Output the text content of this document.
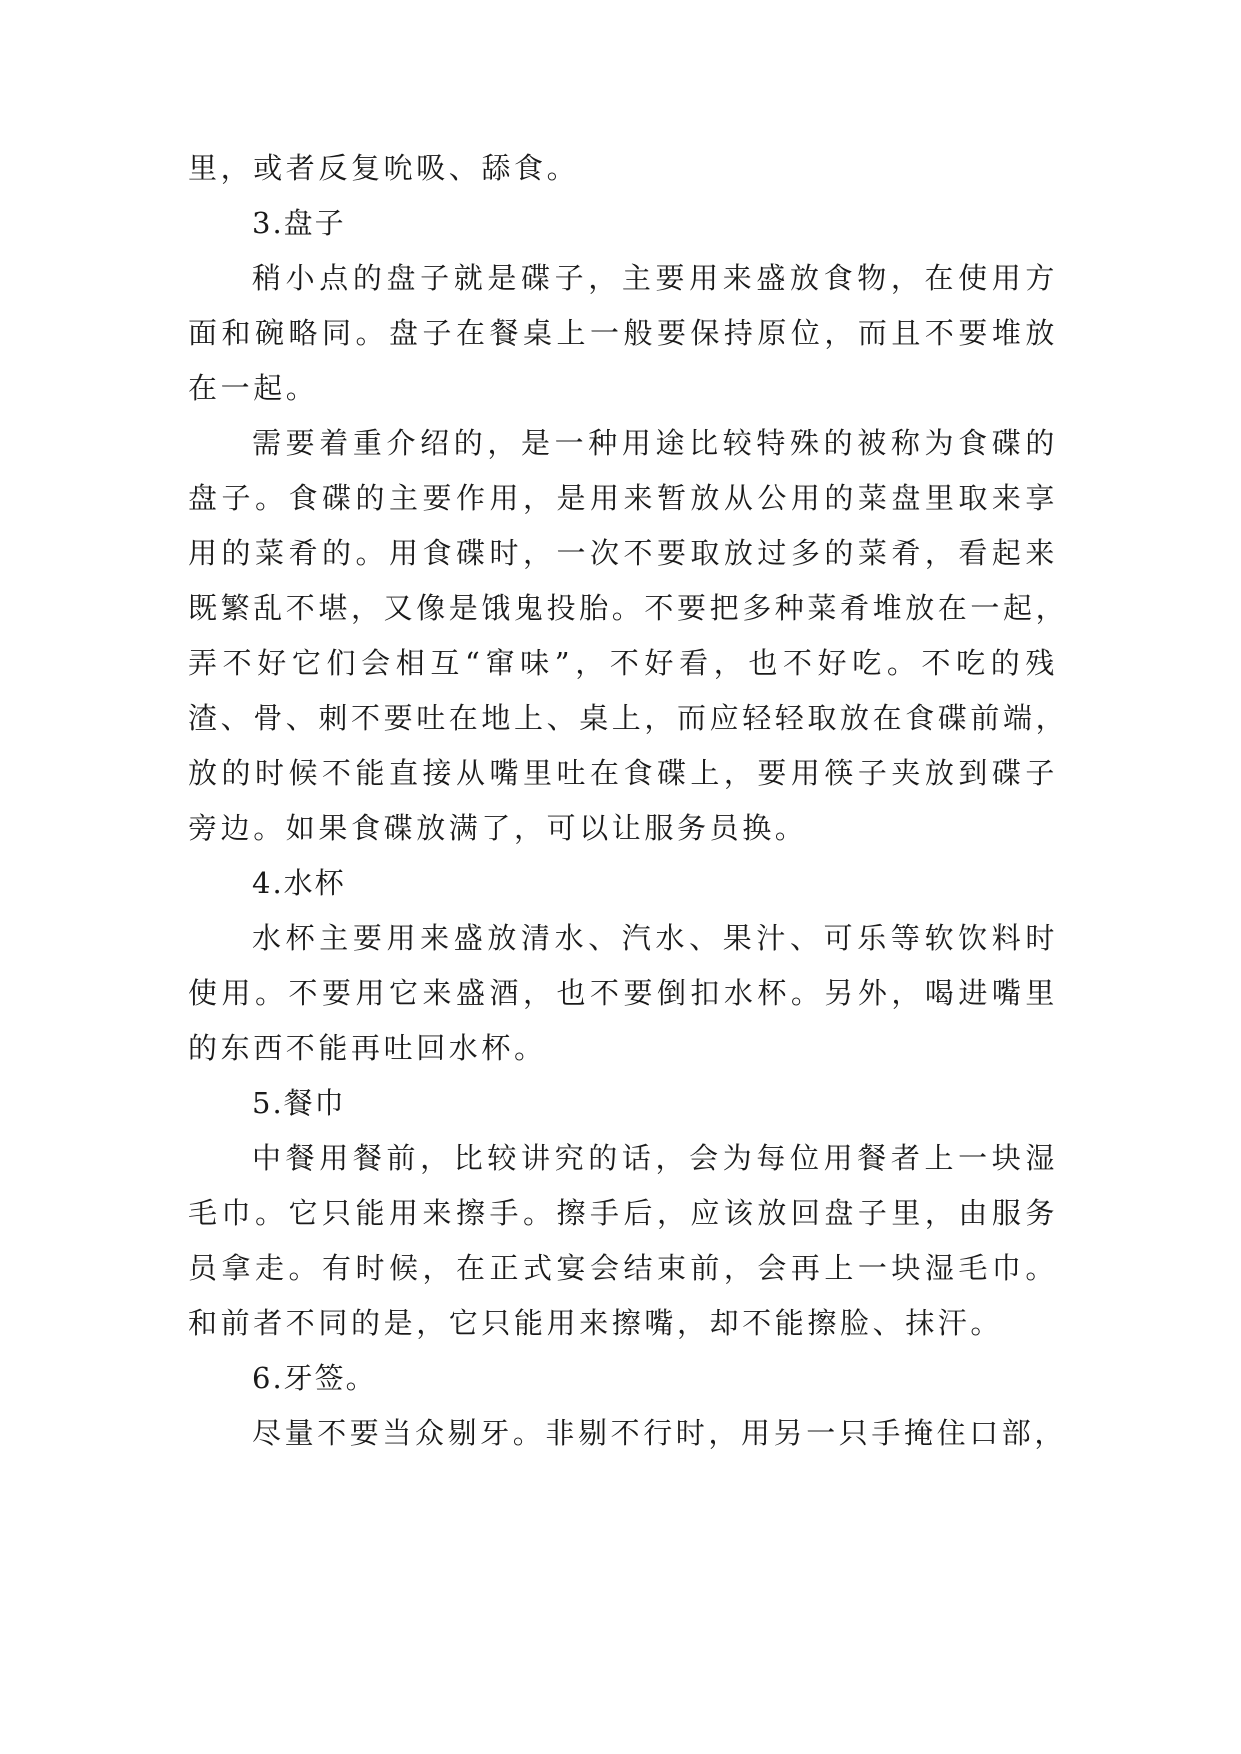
里，或者反复吮吸、舔食。
3.盘子
稍小点的盘子就是碟子，主要用来盛放食物，在使用方
面和碗略同。盘子在餐桌上一般要保持原位，而且不要堆放
在一起。
需要着重介绍的，是一种用途比较特殊的被称为食碟的
盘子。食碟的主要作用，是用来暂放从公用的菜盘里取来享
用的菜肴的。用食碟时，一次不要取放过多的菜肴，看起来
既繁乱不堪，又像是饿鬼投胎。不要把多种菜肴堆放在一起，
弄不好它们会相互“窜味”，不好看，也不好吃。不吃的残
渣、骨、刺不要吐在地上、桌上，而应轻轻取放在食碟前端，
放的时候不能直接从嘴里吐在食碟上，要用筷子夹放到碟子
旁边。如果食碟放满了，可以让服务员换。
4.水杯
水杯主要用来盛放清水、汽水、果汁、可乐等软饮料时
使用。不要用它来盛酒，也不要倒扣水杯。另外，喝进嘴里
的东西不能再吐回水杯。
5.餐巾
中餐用餐前，比较讲究的话，会为每位用餐者上一块湿
毛巾。它只能用来擦手。擦手后，应该放回盘子里，由服务
员拿走。有时候，在正式宴会结束前，会再上一块湿毛巾。
和前者不同的是，它只能用来擦嘴，却不能擦脸、抹汗。
6.牙签。
尽量不要当众剔牙。非剔不行时，用另一只手掩住口部，
